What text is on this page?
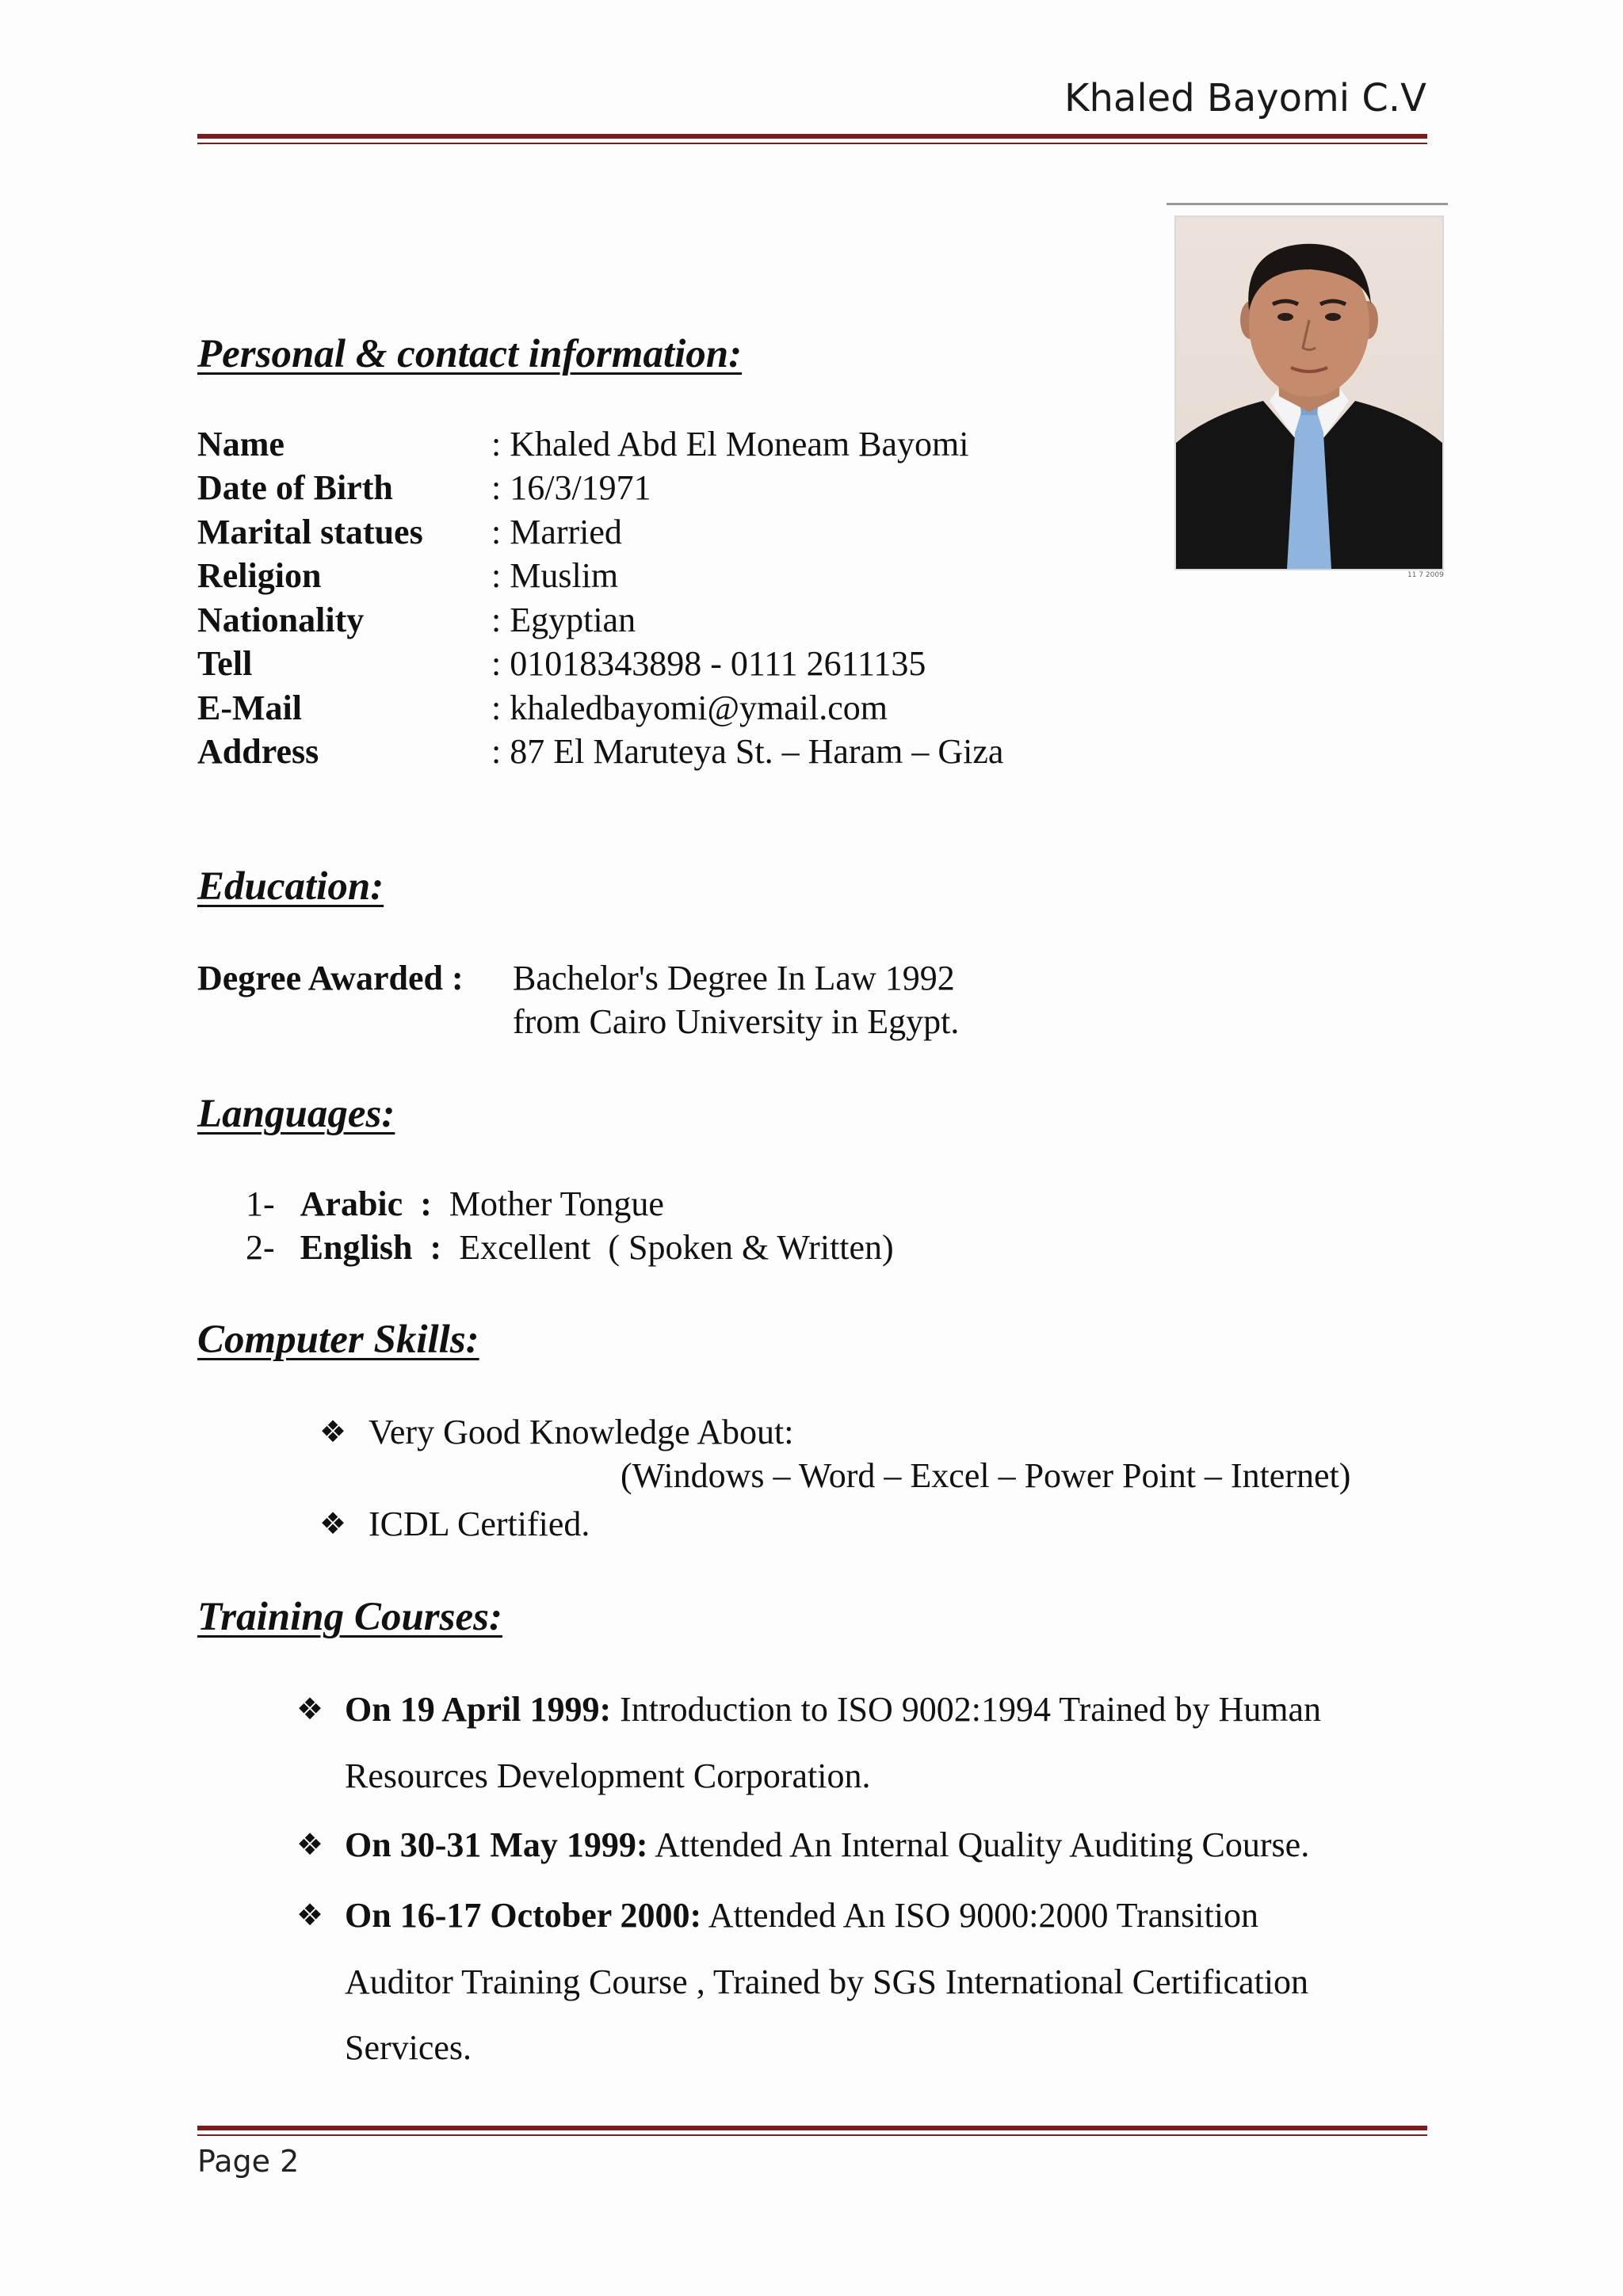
Khaled Bayomi C.V
11 7 2009
Personal & contact information:
Name	: Khaled Abd El Moneam Bayomi
Date of Birth	: 16/3/1971
Marital statues : Married
Religion	: Muslim
Nationality	: Egyptian
Tell	: 01018343898 - 0111 2611135
E-Mail	: khaledbayomi@ymail.com
Address	: 87 El Maruteya St. – Haram – Giza
Education:
Degree Awarded : Bachelor's Degree In Law 1992
from Cairo University in Egypt.
Languages:
1- Arabic  :  Mother Tongue
2- English  :  Excellent  ( Spoken & Written)
Computer Skills:
❖ Very Good Knowledge About:
(Windows – Word – Excel – Power Point – Internet)
❖ ICDL Certified.
Training Courses:
❖ On 19 April 1999: Introduction to ISO 9002:1994 Trained by Human
Resources Development Corporation.
❖ On 30-31 May 1999: Attended An Internal Quality Auditing Course.
❖ On 16-17 October 2000: Attended An ISO 9000:2000 Transition
Auditor Training Course , Trained by SGS International Certification
Services.
Page 2
